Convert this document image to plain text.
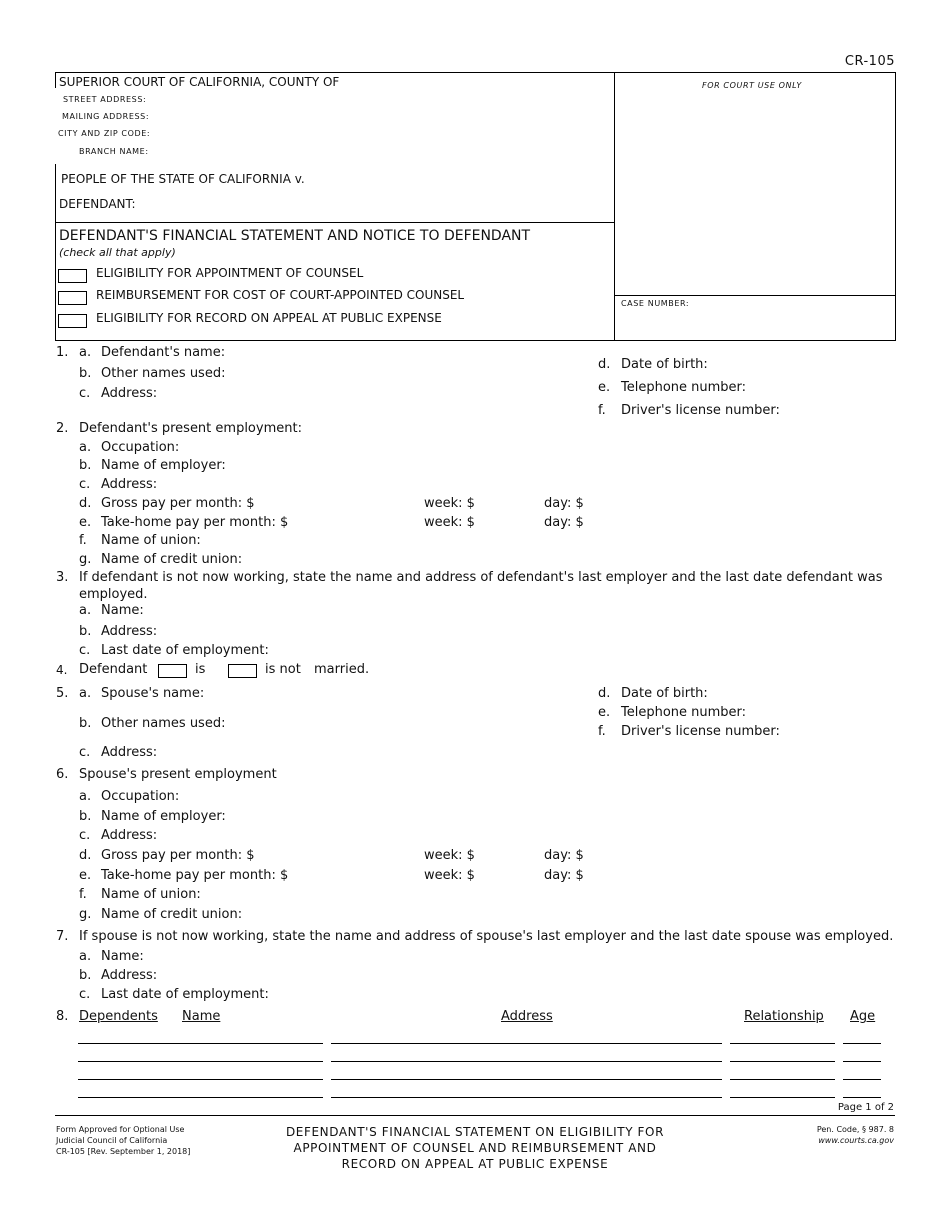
CR-105
SUPERIOR COURT OF CALIFORNIA, COUNTY OF
STREET ADDRESS:
MAILING ADDRESS:
CITY AND ZIP CODE:
BRANCH NAME:
PEOPLE OF THE STATE OF CALIFORNIA v.
DEFENDANT:
FOR COURT USE ONLY
CASE NUMBER:
DEFENDANT'S FINANCIAL STATEMENT AND NOTICE TO DEFENDANT
(check all that apply)
ELIGIBILITY FOR APPOINTMENT OF COUNSEL
REIMBURSEMENT FOR COST OF COURT-APPOINTED COUNSEL
ELIGIBILITY FOR RECORD ON APPEAL AT PUBLIC EXPENSE
1. a. Defendant's name:
b. Other names used:
c. Address:
d. Date of birth:
e. Telephone number:
f. Driver's license number:
2. Defendant's present employment:
a. Occupation:
b. Name of employer:
c. Address:
d. Gross pay per month: $	week: $	day: $
e. Take-home pay per month: $	week: $	day: $
f. Name of union:
g. Name of credit union:
3. If defendant is not now working, state the name and address of defendant's last employer and the last date defendant was
employed.
a. Name:
b. Address:
c. Last date of employment:
4. Defendant	is	is not married.
5. a. Spouse's name:
b. Other names used:
c. Address:
d. Date of birth:
e. Telephone number:
f. Driver's license number:
6. Spouse's present employment
a. Occupation:
b. Name of employer:
c. Address:
d. Gross pay per month: $	week: $	day: $
e. Take-home pay per month: $	week: $	day: $
f. Name of union:
g. Name of credit union:
7. If spouse is not now working, state the name and address of spouse's last employer and the last date spouse was employed.
a. Name:
b. Address:
c. Last date of employment:
8. Dependents Name	Address	Relationship Age
Page 1 of 2
Form Approved for Optional Use
Judicial Council of California
CR-105 [Rev. September 1, 2018]
DEFENDANT'S FINANCIAL STATEMENT ON ELIGIBILITY FOR
APPOINTMENT OF COUNSEL AND REIMBURSEMENT AND
RECORD ON APPEAL AT PUBLIC EXPENSE
Pen. Code, § 987. 8
www.courts.ca.gov
